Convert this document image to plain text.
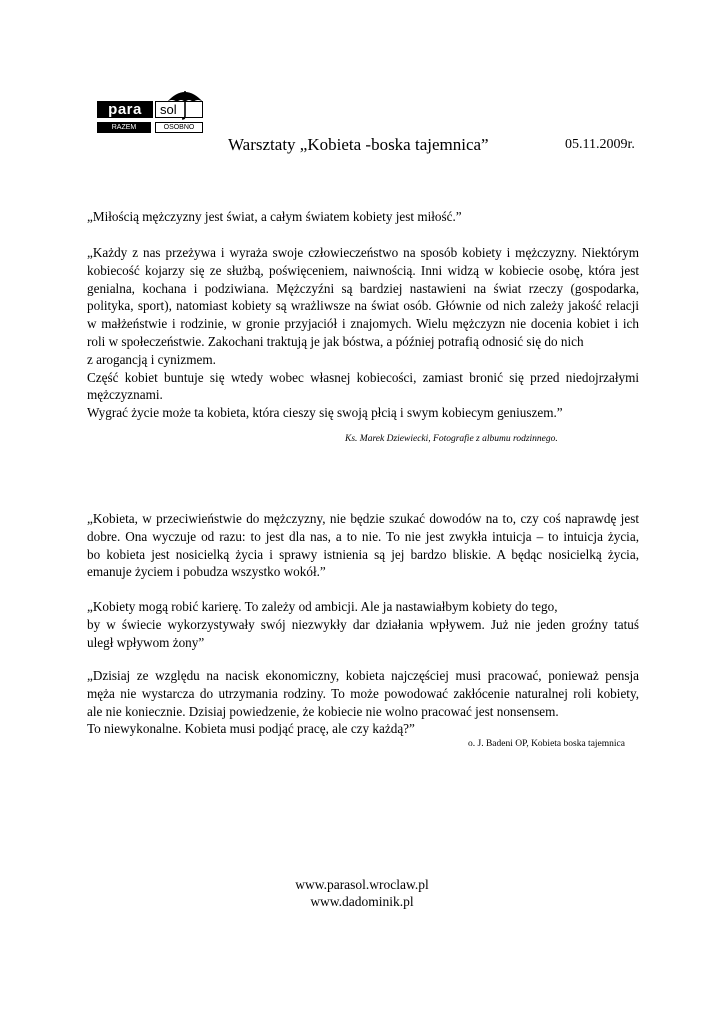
para	sol
RAZEM	OSOBNO
Warsztaty „Kobieta -boska tajemnica”	05.11.2009r.
„Miłością mężczyzny jest świat, a całym światem kobiety jest miłość.”
„Każdy z nas przeżywa i wyraża swoje człowieczeństwo na sposób kobiety i mężczyzny. Niektórym
kobiecość kojarzy się ze służbą, poświęceniem, naiwnością. Inni widzą w kobiecie osobę, która jest
genialna, kochana i podziwiana. Mężczyźni są bardziej nastawieni na świat rzeczy (gospodarka,
polityka, sport), natomiast kobiety są wrażliwsze na świat osób. Głównie od nich zależy jakość relacji
w małżeństwie i rodzinie, w gronie przyjaciół i znajomych. Wielu mężczyzn nie docenia kobiet i ich
roli w społeczeństwie. Zakochani traktują je jak bóstwa, a później potrafią odnosić się do nich
z arogancją i cynizmem.
Część kobiet buntuje się wtedy wobec własnej kobiecości, zamiast bronić się przed niedojrzałymi
mężczyznami.
Wygrać życie może ta kobieta, która cieszy się swoją płcią i swym kobiecym geniuszem.”
Ks. Marek Dziewiecki, Fotografie z albumu rodzinnego.
„Kobieta, w przeciwieństwie do mężczyzny, nie będzie szukać dowodów na to, czy coś naprawdę jest
dobre. Ona wyczuje od razu: to jest dla nas, a to nie. To nie jest zwykła intuicja – to intuicja życia,
bo kobieta jest nosicielką życia i sprawy istnienia są jej bardzo bliskie. A będąc nosicielką życia,
emanuje życiem i pobudza wszystko wokół.”
„Kobiety mogą robić karierę. To zależy od ambicji. Ale ja nastawiałbym kobiety do tego,
by w świecie wykorzystywały swój niezwykły dar działania wpływem. Już nie jeden groźny tatuś
uległ wpływom żony”
„Dzisiaj ze względu na nacisk ekonomiczny, kobieta najczęściej musi pracować, ponieważ pensja
męża nie wystarcza do utrzymania rodziny. To może powodować zakłócenie naturalnej roli kobiety,
ale nie koniecznie. Dzisiaj powiedzenie, że kobiecie nie wolno pracować jest nonsensem.
To niewykonalne. Kobieta musi podjąć pracę, ale czy każdą?”
o. J. Badeni OP, Kobieta boska tajemnica
www.parasol.wroclaw.pl
www.dadominik.pl
